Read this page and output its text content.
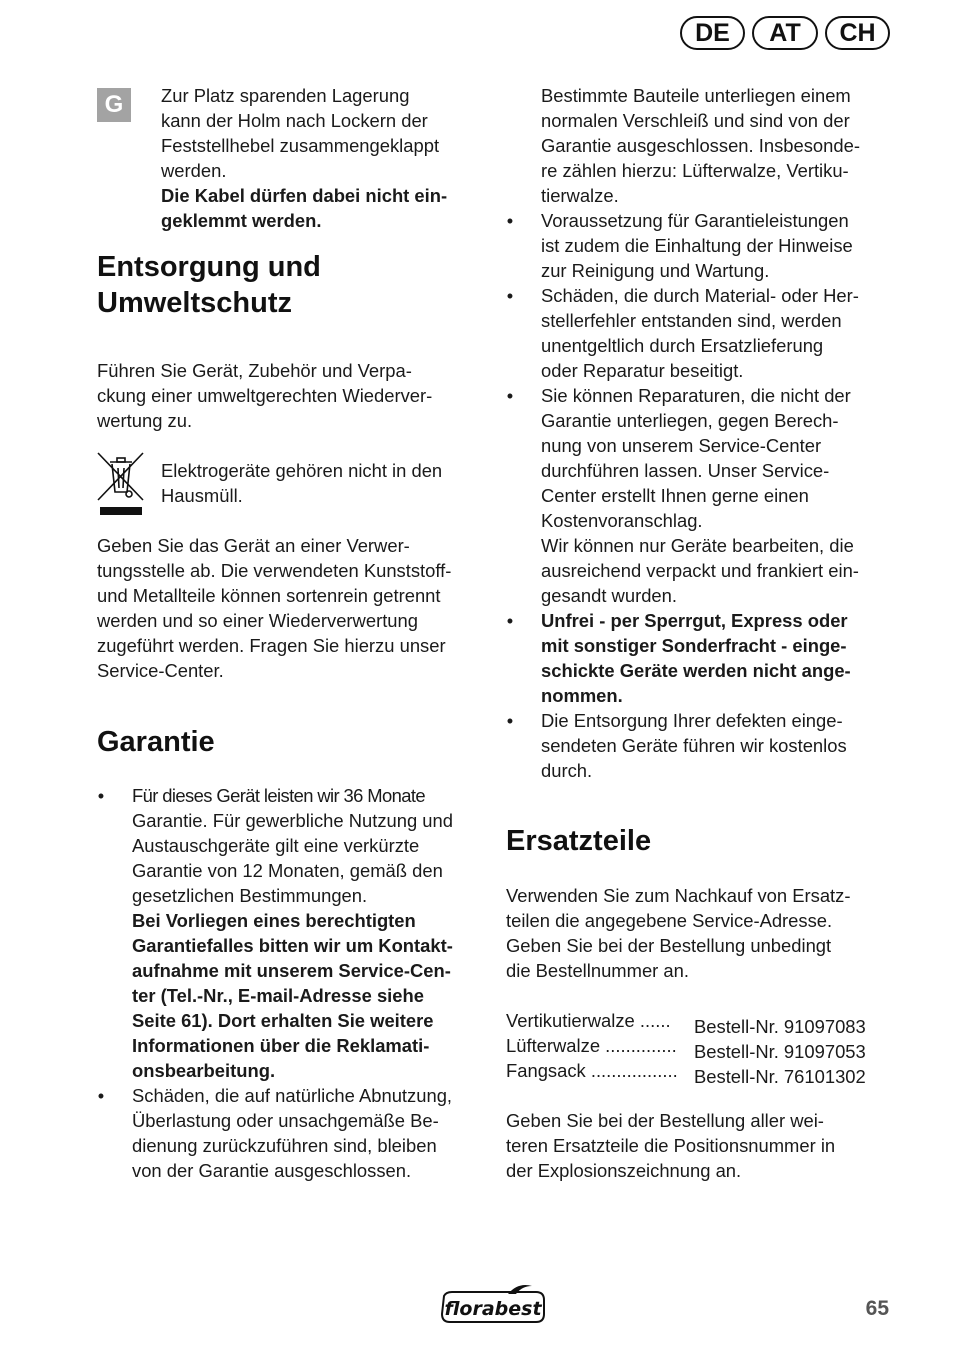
DE	AT	CH
G	Zur Platz sparenden Lagerung
kann der Holm nach Lockern der
Feststellhebel zusammengeklappt
werden.
Die Kabel dürfen dabei nicht ein-
geklemmt werden.
Entsorgung und
Umweltschutz
Führen Sie Gerät, Zubehör und Verpa-
ckung einer umweltgerechten Wiederver-
wertung zu.
Elektrogeräte gehören nicht in den
Hausmüll.
Geben Sie das Gerät an einer Verwer-
tungsstelle ab. Die verwendeten Kunststoff-
und Metallteile können sortenrein getrennt
werden und so einer Wiederverwertung
zugeführt werden. Fragen Sie hierzu unser
Service-Center.
Garantie
• Für dieses Gerät leisten wir 36 Monate
Garantie. Für gewerbliche Nutzung und
Austauschgeräte gilt eine verkürzte
Garantie von 12 Monaten, gemäß den
gesetzlichen Bestimmungen.
Bei Vorliegen eines berechtigten
Garantiefalles bitten wir um Kontakt-
aufnahme mit unserem Service-Cen-
ter (Tel.-Nr., E-mail-Adresse siehe
Seite 61). Dort erhalten Sie weitere
Informationen über die Reklamati-
onsbearbeitung.
• Schäden, die auf natürliche Abnutzung,
Überlastung oder unsachgemäße Be-
dienung zurückzuführen sind, bleiben
von der Garantie ausgeschlossen.
Bestimmte Bauteile unterliegen einem
normalen Verschleiß und sind von der
Garantie ausgeschlossen. Insbesonde-
re zählen hierzu: Lüfterwalze, Vertiku-
tierwalze.
• Voraussetzung für Garantieleistungen
ist zudem die Einhaltung der Hinweise
zur Reinigung und Wartung.
• Schäden, die durch Material- oder Her-
stellerfehler entstanden sind, werden
unentgeltlich durch Ersatzlieferung
oder Reparatur beseitigt.
• Sie können Reparaturen, die nicht der
Garantie unterliegen, gegen Berech-
nung von unserem Service-Center
durchführen lassen. Unser Service-
Center erstellt Ihnen gerne einen
Kostenvoranschlag.
Wir können nur Geräte bearbeiten, die
ausreichend verpackt und frankiert ein-
gesandt wurden.
• Unfrei - per Sperrgut, Express oder
mit sonstiger Sonderfracht - einge-
schickte Geräte werden nicht ange-
nommen.
• Die Entsorgung Ihrer defekten einge-
sendeten Geräte führen wir kostenlos
durch.
Ersatzteile
Verwenden Sie zum Nachkauf von Ersatz-
teilen die angegebene Service-Adresse.
Geben Sie bei der Bestellung unbedingt
die Bestellnummer an.
Vertikutierwalze ...... Bestell-Nr. 91097083
Lüfterwalze .............. Bestell-Nr. 91097053
Fangsack ................. Bestell-Nr. 76101302
Geben Sie bei der Bestellung aller wei-
teren Ersatzteile die Positionsnummer in
der Explosionszeichnung an.
florabest	65
